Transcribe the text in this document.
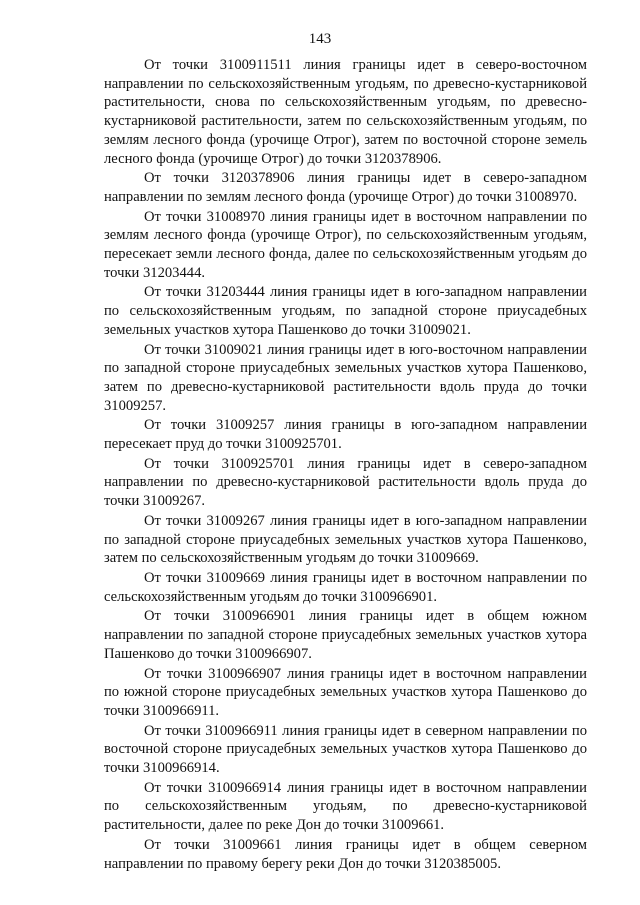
143

От точки 3100911511 линия границы идет в северо-восточном направлении по сельскохозяйственным угодьям, по древесно-кустарниковой растительности, снова по сельскохозяйственным угодьям, по древесно-кустарниковой растительности, затем по сельскохозяйственным угодьям, по землям лесного фонда (урочище Отрог), затем по восточной стороне земель лесного фонда (урочище Отрог) до точки 3120378906.

От точки 3120378906 линия границы идет в северо-западном направлении по землям лесного фонда (урочище Отрог) до точки 31008970.

От точки 31008970 линия границы идет в восточном направлении по землям лесного фонда (урочище Отрог), по сельскохозяйственным угодьям, пересекает земли лесного фонда, далее по сельскохозяйственным угодьям до точки 31203444.

От точки 31203444 линия границы идет в юго-западном направлении по сельскохозяйственным угодьям, по западной стороне приусадебных земельных участков хутора Пашенково до точки 31009021.

От точки 31009021 линия границы идет в юго-восточном направлении по западной стороне приусадебных земельных участков хутора Пашенково, затем по древесно-кустарниковой растительности вдоль пруда до точки 31009257.

От точки 31009257 линия границы в юго-западном направлении пересекает пруд до точки 3100925701.

От точки 3100925701 линия границы идет в северо-западном направлении по древесно-кустарниковой растительности вдоль пруда до точки 31009267.

От точки 31009267 линия границы идет в юго-западном направлении по западной стороне приусадебных земельных участков хутора Пашенково, затем по сельскохозяйственным угодьям до точки 31009669.

От точки 31009669 линия границы идет в восточном направлении по сельскохозяйственным угодьям до точки 3100966901.

От точки 3100966901 линия границы идет в общем южном направлении по западной стороне приусадебных земельных участков хутора Пашенково до точки 3100966907.

От точки 3100966907 линия границы идет в восточном направлении по южной стороне приусадебных земельных участков хутора Пашенково до точки 3100966911.

От точки 3100966911 линия границы идет в северном направлении по восточной стороне приусадебных земельных участков хутора Пашенково до точки 3100966914.

От точки 3100966914 линия границы идет в восточном направлении по сельскохозяйственным угодьям, по древесно-кустарниковой растительности, далее по реке Дон до точки 31009661.

От точки 31009661 линия границы идет в общем северном направлении по правому берегу реки Дон до точки 3120385005.
